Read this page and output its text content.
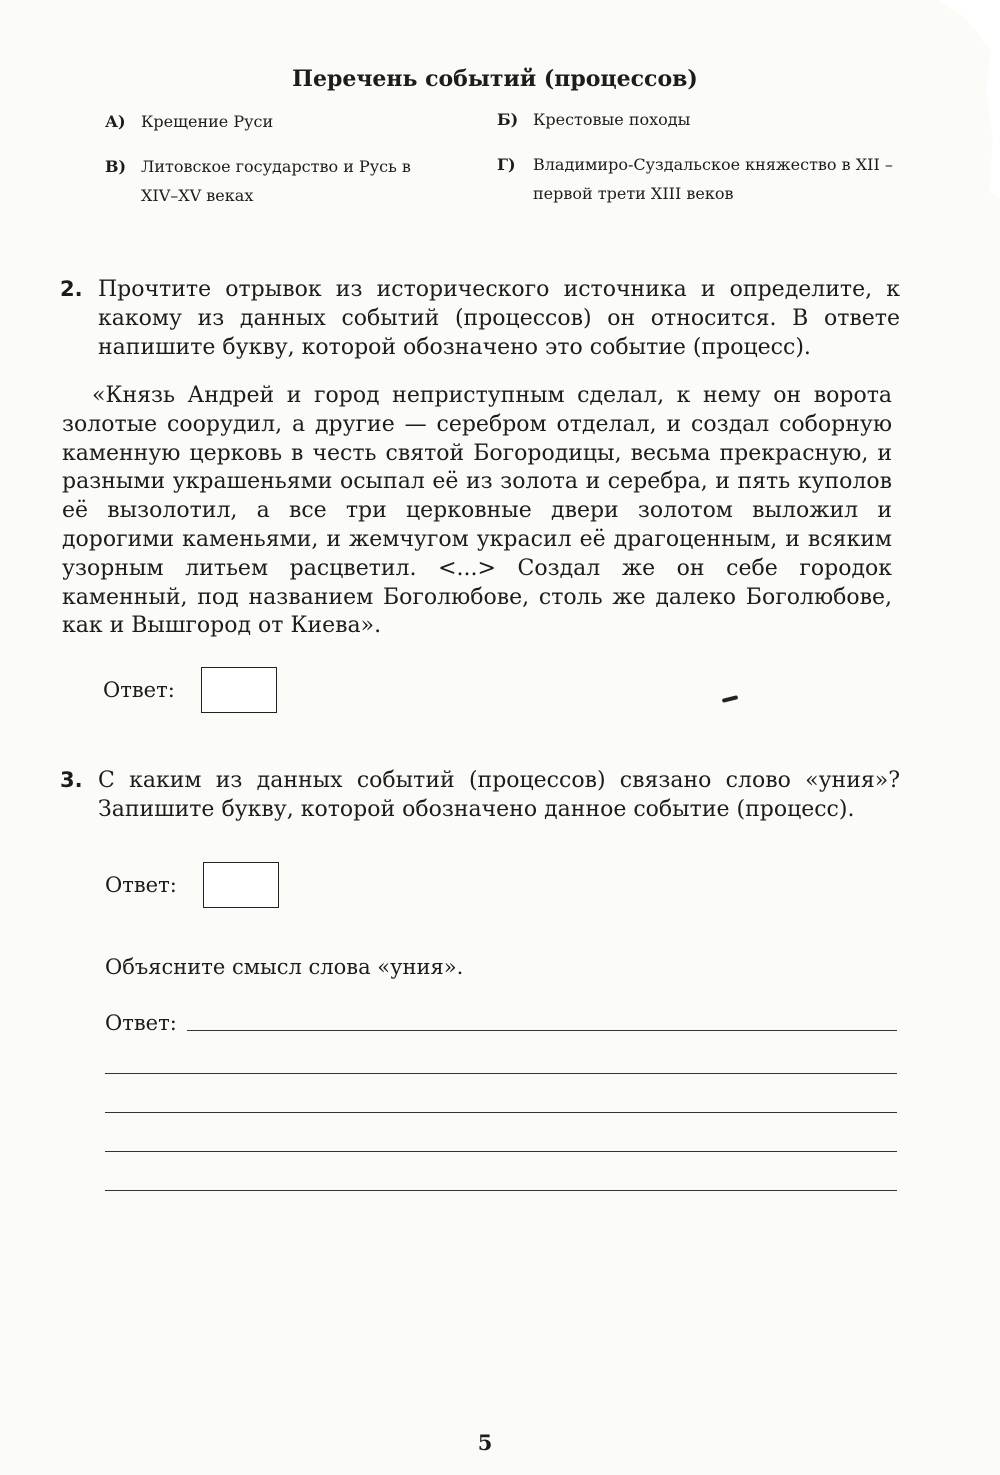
Перечень событий (процессов)
А) Крещение Руси	Б) Крестовые походы
В) Литовское государство и Русь в XIV–XV веках
Г)	Владимиро-Суздальское княжество в XII – первой трети XIII веков
2. Прочтите отрывок из исторического источника и определите, к какому из данных событий (процессов) он относится. В ответе напишите букву, которой обозначено это событие (процесс).
«Князь Андрей и город неприступным сделал, к нему он ворота золотые соорудил, а другие — серебром отделал, и создал соборную каменную церковь в честь святой Богородицы, весьма прекрасную, и разными украшеньями осыпал её из золота и серебра, и пять куполов её вызолотил, а все три церковные двери золотом выложил и дорогими каменьями, и жемчугом украсил её драгоценным, и всяким узорным литьем расцветил. <...> Создал же он себе городок каменный, под названием Боголюбове, столь же далеко Боголюбове, как и Вышгород от Киева».
Ответ:
3. С каким из данных событий (процессов) связано слово «уния»? Запишите букву, которой обозначено данное событие (процесс).
Ответ:
Объясните смысл слова «уния».
Ответ:
5
